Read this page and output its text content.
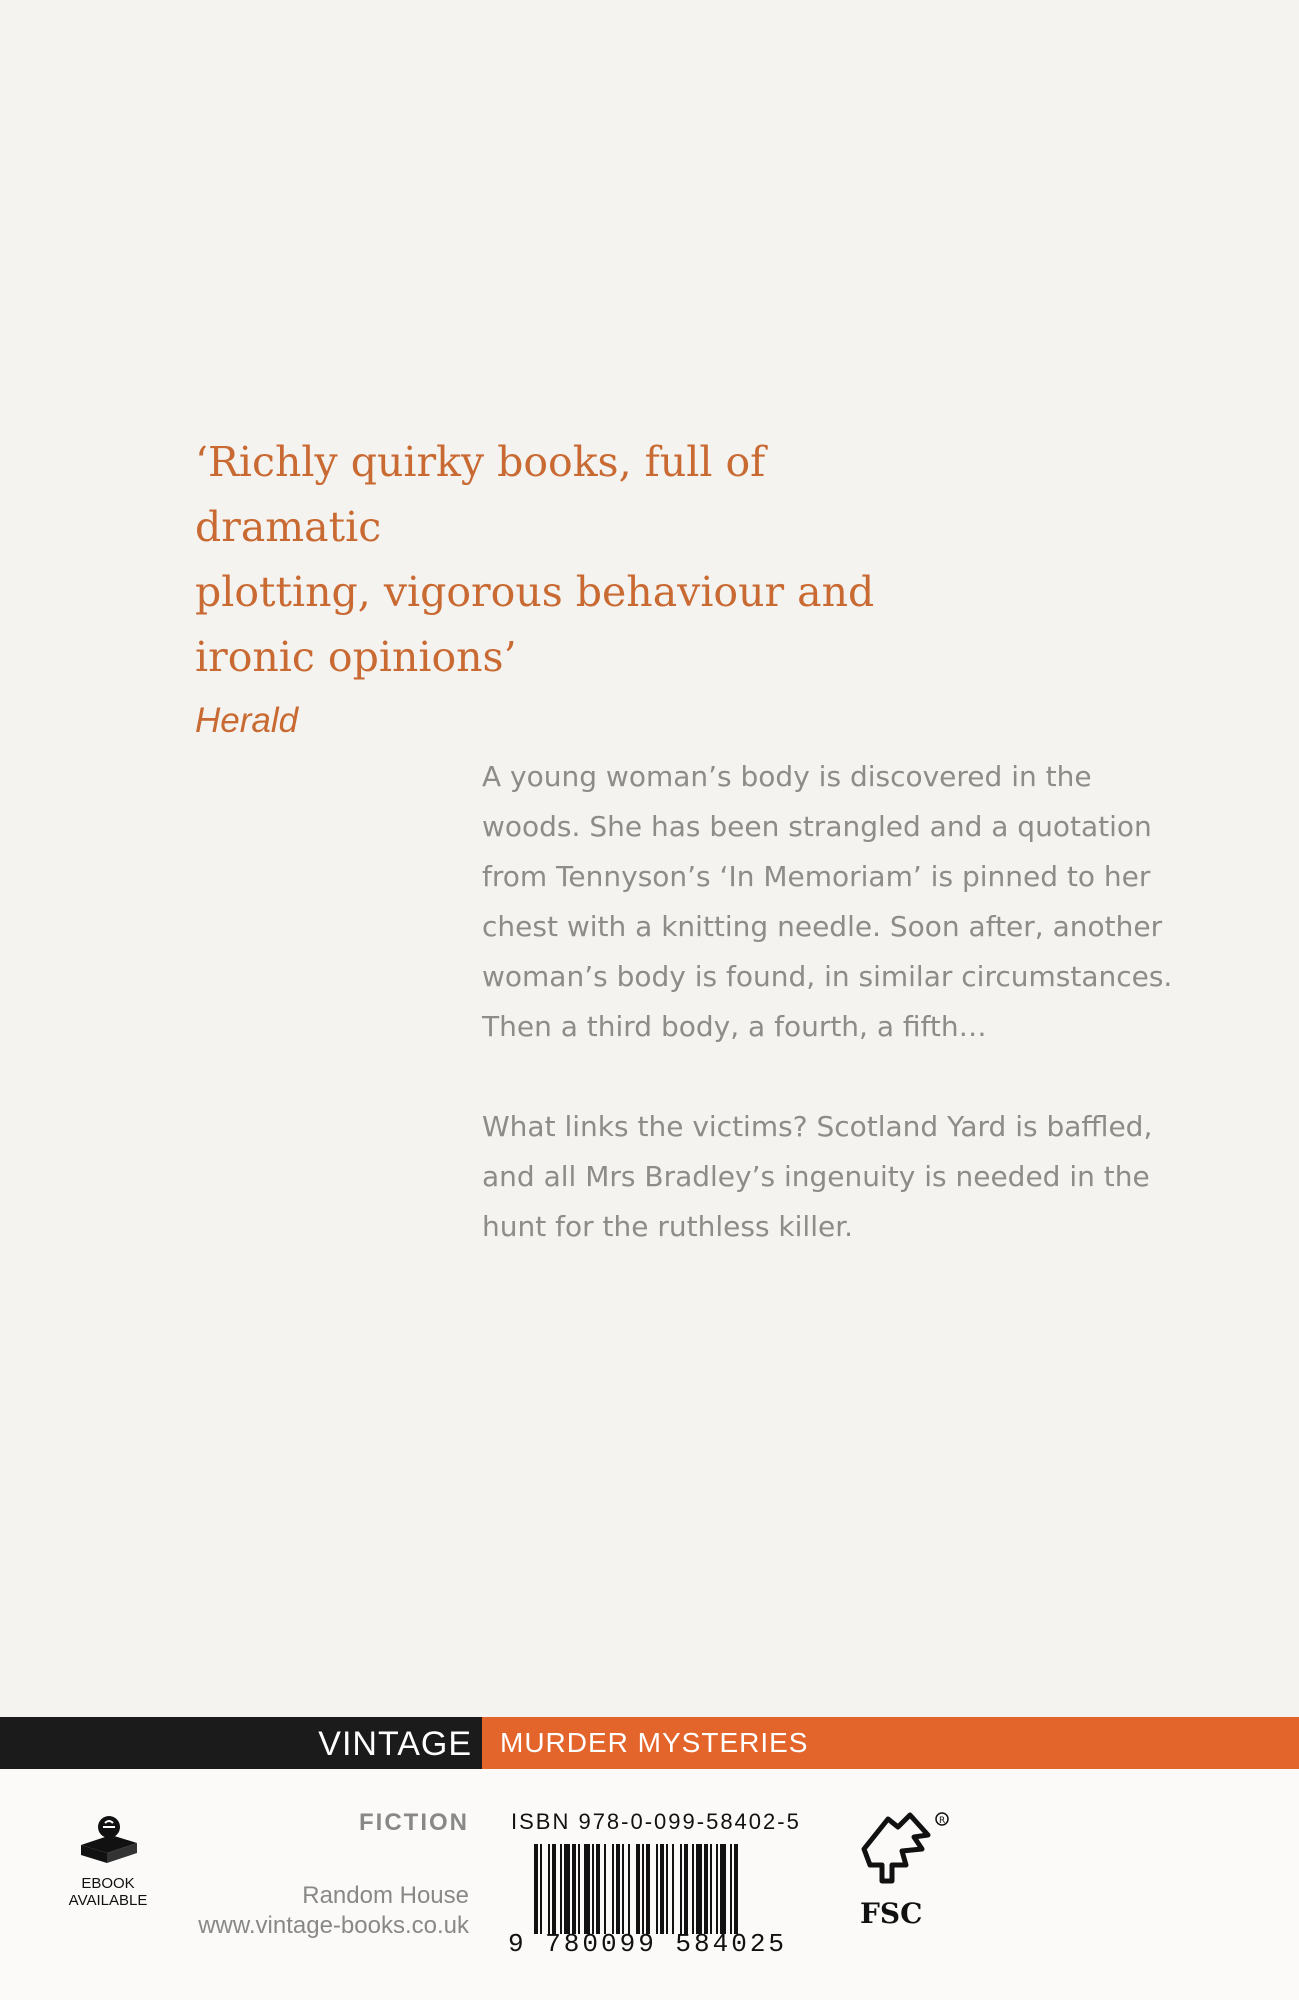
‘Richly quirky books, full of dramatic

plotting, vigorous behaviour and

ironic opinions’

Herald

A young woman’s body is discovered in the
woods. She has been strangled and a quotation
from Tennyson’s ‘In Memoriam’ is pinned to her
chest with a knitting needle. Soon after, another
woman’s body is found, in similar circumstances.
Then a third body, a fourth, a fifth…

What links the victims? Scotland Yard is baffled,
and all Mrs Bradley’s ingenuity is needed in the
hunt for the ruthless killer.

VINTAGE MURDER MYSTERIES
EBOOK
AVAILABLE
FICTION
Random House
www.vintage-books.co.uk
ISBN 978-0-099-58402-5
9 780099 584025
R
FSC
